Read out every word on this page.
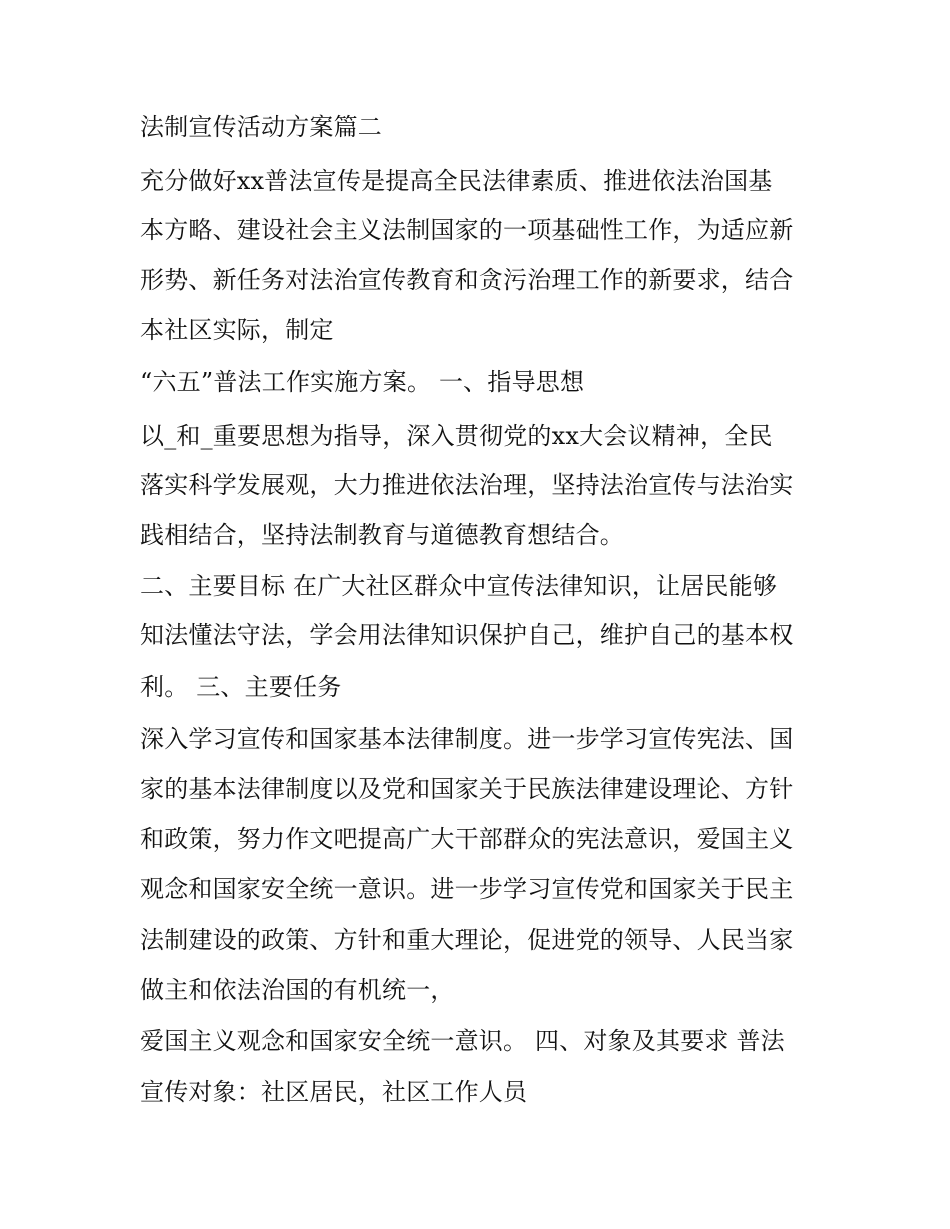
法制宣传活动方案篇二
充分做好xx普法宣传是提高全民法律素质、推进依法治国基
本方略、建设社会主义法制国家的一项基础性工作，为适应新
形势、新任务对法治宣传教育和贪污治理工作的新要求，结合
本社区实际，制定
“六五”普法工作实施方案。 一、指导思想
以_和_重要思想为指导，深入贯彻党的xx大会议精神，全民
落实科学发展观，大力推进依法治理，坚持法治宣传与法治实
践相结合，坚持法制教育与道德教育想结合。
二、主要目标 在广大社区群众中宣传法律知识，让居民能够
知法懂法守法，学会用法律知识保护自己，维护自己的基本权
利。 三、主要任务
深入学习宣传和国家基本法律制度。进一步学习宣传宪法、国
家的基本法律制度以及党和国家关于民族法律建设理论、方针
和政策，努力作文吧提高广大干部群众的宪法意识，爱国主义
观念和国家安全统一意识。进一步学习宣传党和国家关于民主
法制建设的政策、方针和重大理论，促进党的领导、人民当家
做主和依法治国的有机统一，
爱国主义观念和国家安全统一意识。 四、对象及其要求 普法
宣传对象：社区居民，社区工作人员
